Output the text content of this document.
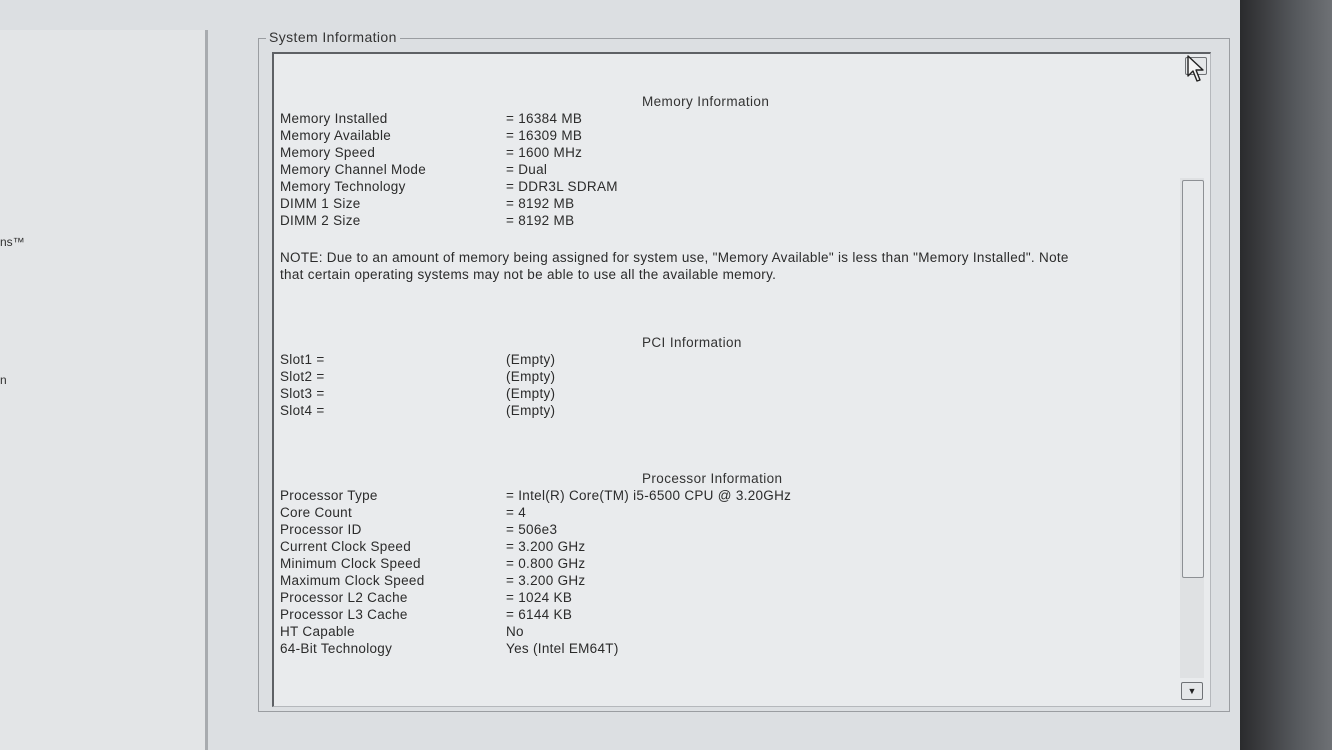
ns™
n
System Information
Memory Information
Memory Installed	= 16384 MB
Memory Available	= 16309 MB
Memory Speed	= 1600 MHz
Memory Channel Mode	= Dual
Memory Technology	= DDR3L SDRAM
DIMM 1 Size	= 8192 MB
DIMM 2 Size	= 8192 MB
NOTE: Due to an amount of memory being assigned for system use, "Memory Available" is less than "Memory Installed". Note that certain operating systems may not be able to use all the available memory.
PCI Information
Slot1 =	(Empty)
Slot2 =	(Empty)
Slot3 =	(Empty)
Slot4 =	(Empty)
Processor Information
Processor Type	= Intel(R) Core(TM) i5-6500 CPU @ 3.20GHz
Core Count	= 4
Processor ID	= 506e3
Current Clock Speed	= 3.200 GHz
Minimum Clock Speed	= 0.800 GHz
Maximum Clock Speed	= 3.200 GHz
Processor L2 Cache	= 1024 KB
Processor L3 Cache	= 6144 KB
HT Capable	No
64-Bit Technology	Yes (Intel EM64T)
▼
